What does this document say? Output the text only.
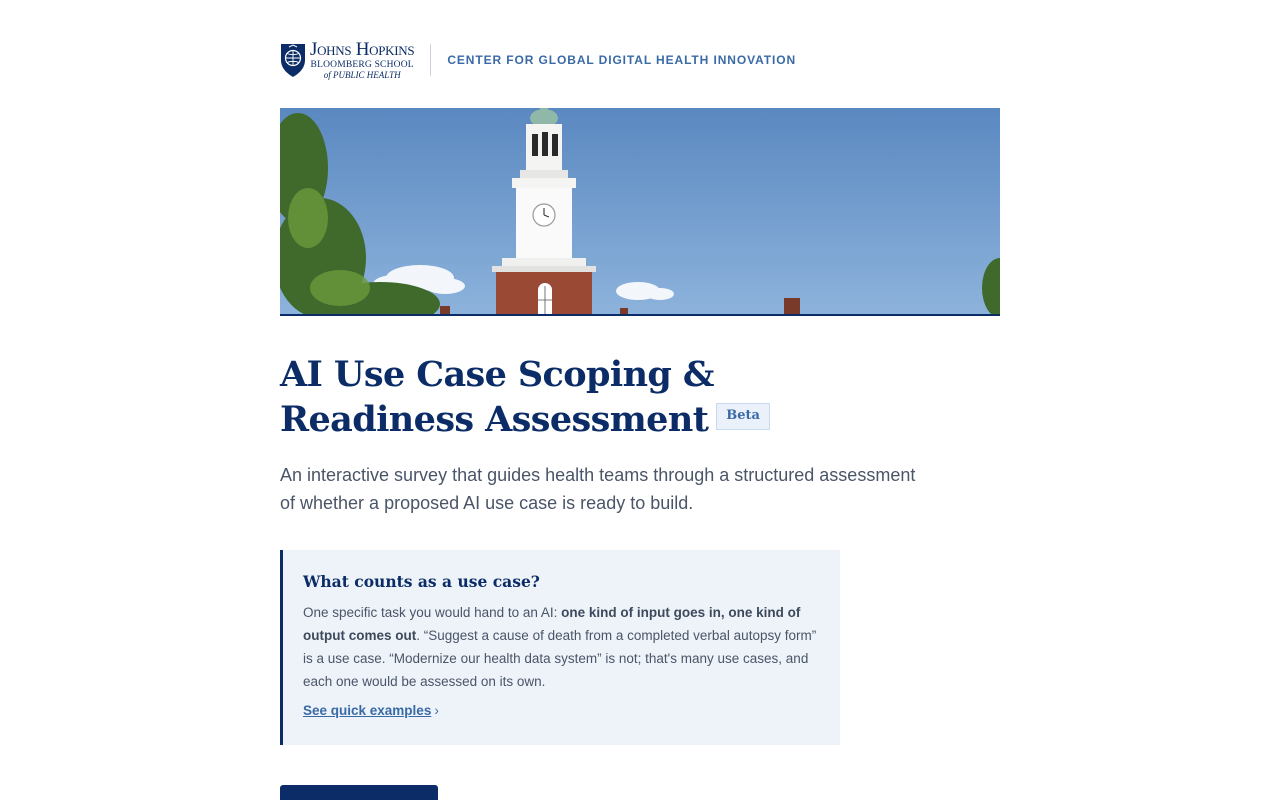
Johns Hopkins
BLOOMBERG SCHOOL
of PUBLIC HEALTH
CENTER FOR GLOBAL DIGITAL HEALTH INNOVATION
AI Use Case Scoping & Readiness Assessment Beta

An interactive survey that guides health teams through a structured assessment of whether a proposed AI use case is ready to build.

What counts as a use case?

One specific task you would hand to an AI: one kind of input goes in, one kind of output comes out. “Suggest a cause of death from a completed verbal autopsy form” is a use case. “Modernize our health data system” is not; that's many use cases, and each one would be assessed on its own.

See quick examples ›
